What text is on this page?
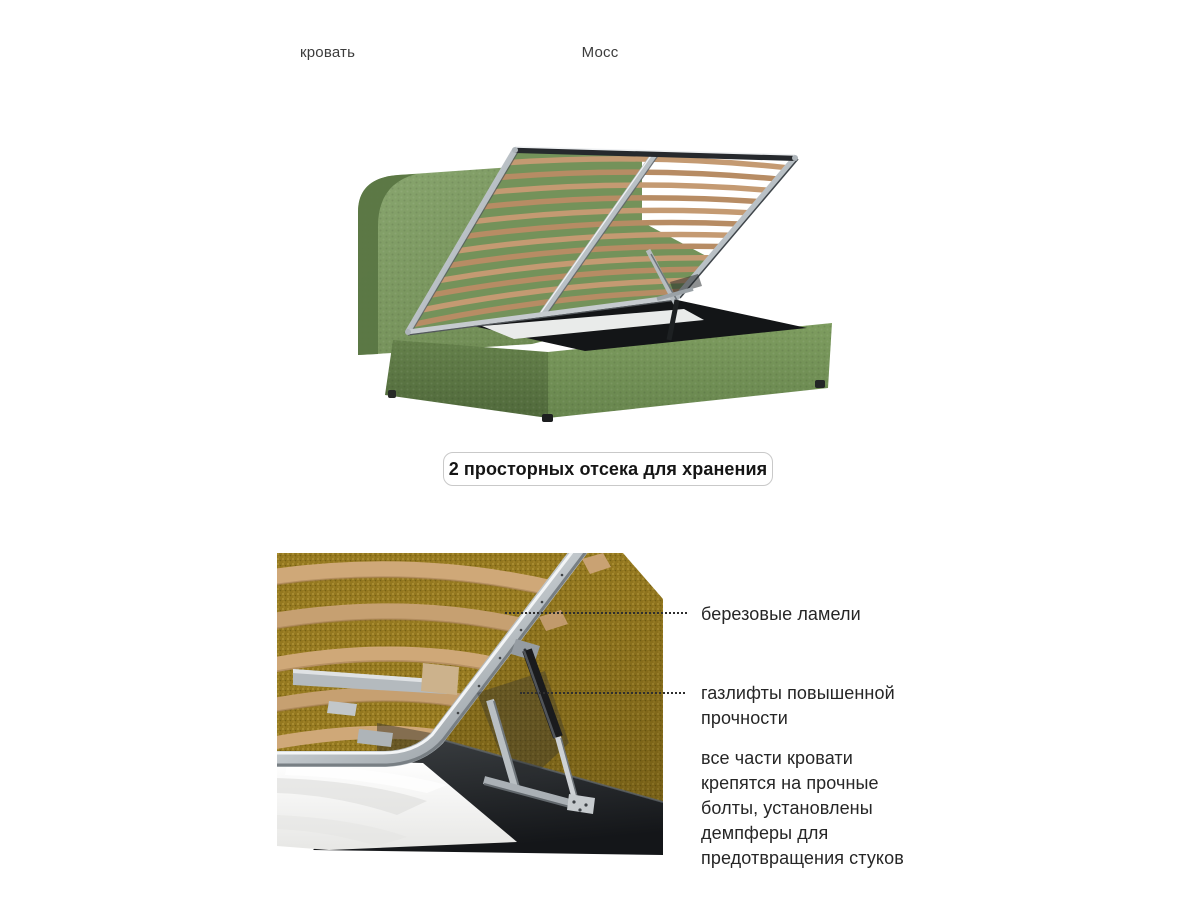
кровать	Мосс
2 просторных отсека для хранения
березовые ламели
газлифты повышенной прочности
все части кровати крепятся на прочные болты, установлены демпферы для предотвращения стуков
